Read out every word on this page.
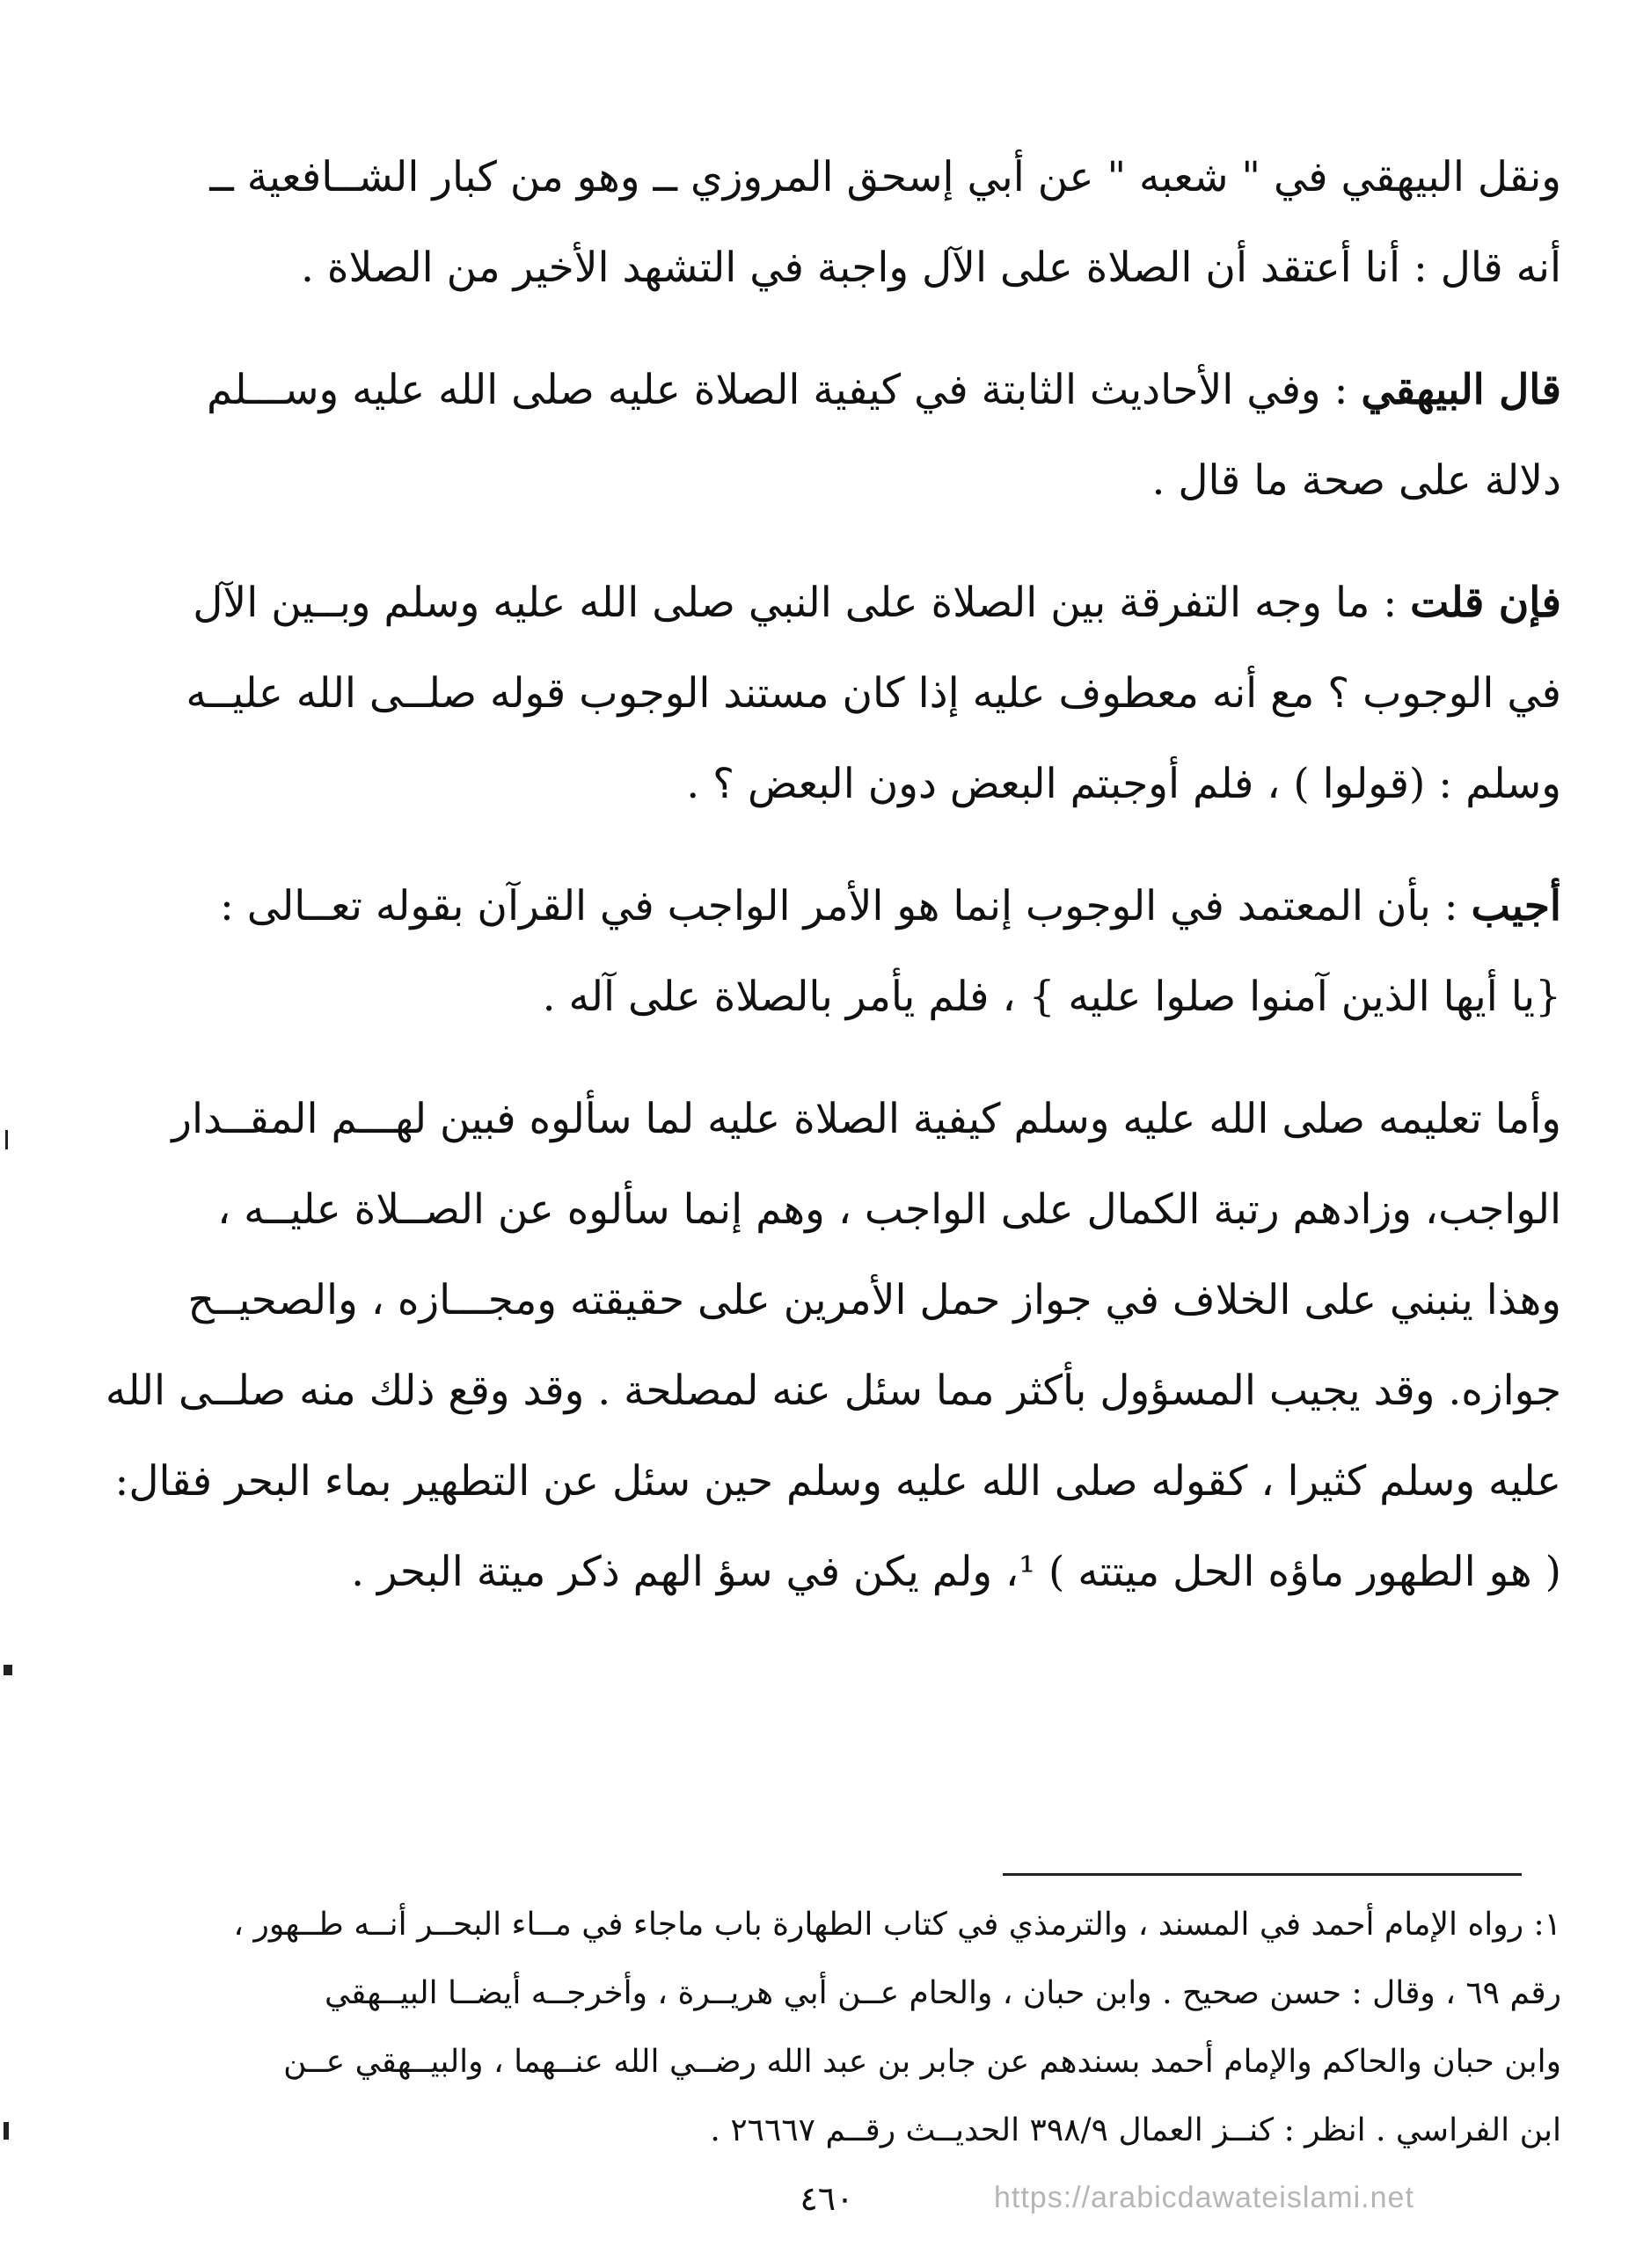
ونقل البيهقي في " شعبه " عن أبي إسحق المروزي ــ وهو من كبار الشــافعية ــ
أنه قال : أنا أعتقد أن الصلاة على الآل واجبة في التشهد الأخير من الصلاة .

قال البيهقي : وفي الأحاديث الثابتة في كيفية الصلاة عليه صلى الله عليه وســـلم
دلالة على صحة ما قال .

فإن قلت : ما وجه التفرقة بين الصلاة على النبي صلى الله عليه وسلم وبــين الآل
في الوجوب ؟ مع أنه معطوف عليه إذا كان مستند الوجوب قوله صلــى الله عليــه
وسلم : (قولوا ) ، فلم أوجبتم البعض دون البعض ؟ .

أجيب : بأن المعتمد في الوجوب إنما هو الأمر الواجب في القرآن بقوله تعــالى :
{يا أيها الذين آمنوا صلوا عليه } ، فلم يأمر بالصلاة على آله .

وأما تعليمه صلى الله عليه وسلم كيفية الصلاة عليه لما سألوه فبين لهـــم المقــدار
الواجب، وزادهم رتبة الكمال على الواجب ، وهم إنما سألوه عن الصــلاة عليــه ،
وهذا ينبني على الخلاف في جواز حمل الأمرين على حقيقته ومجـــازه ، والصحيــح
جوازه. وقد يجيب المسؤول بأكثر مما سئل عنه لمصلحة . وقد وقع ذلك منه صلــى الله
عليه وسلم كثيرا ، كقوله صلى الله عليه وسلم حين سئل عن التطهير بماء البحر فقال:
( هو الطهور ماؤه الحل ميتته ) ¹، ولم يكن في سؤ الهم ذكر ميتة البحر .

١: رواه الإمام أحمد في المسند ، والترمذي في كتاب الطهارة باب ماجاء في مــاء البحــر أنــه طــهور ،
رقم ٦٩ ، وقال : حسن صحيح . وابن حبان ، والحام عــن أبي هريــرة ، وأخرجــه أيضــا البيــهقي
وابن حبان والحاكم والإمام أحمد بسندهم عن جابر بن عبد الله رضــي الله عنــهما ، والبيــهقي عــن
ابن الفراسي . انظر : كنــز العمال ٣٩٨/٩ الحديــث رقــم ٢٦٦٦٧ .
٤٦٠	https://arabicdawateislami.net
